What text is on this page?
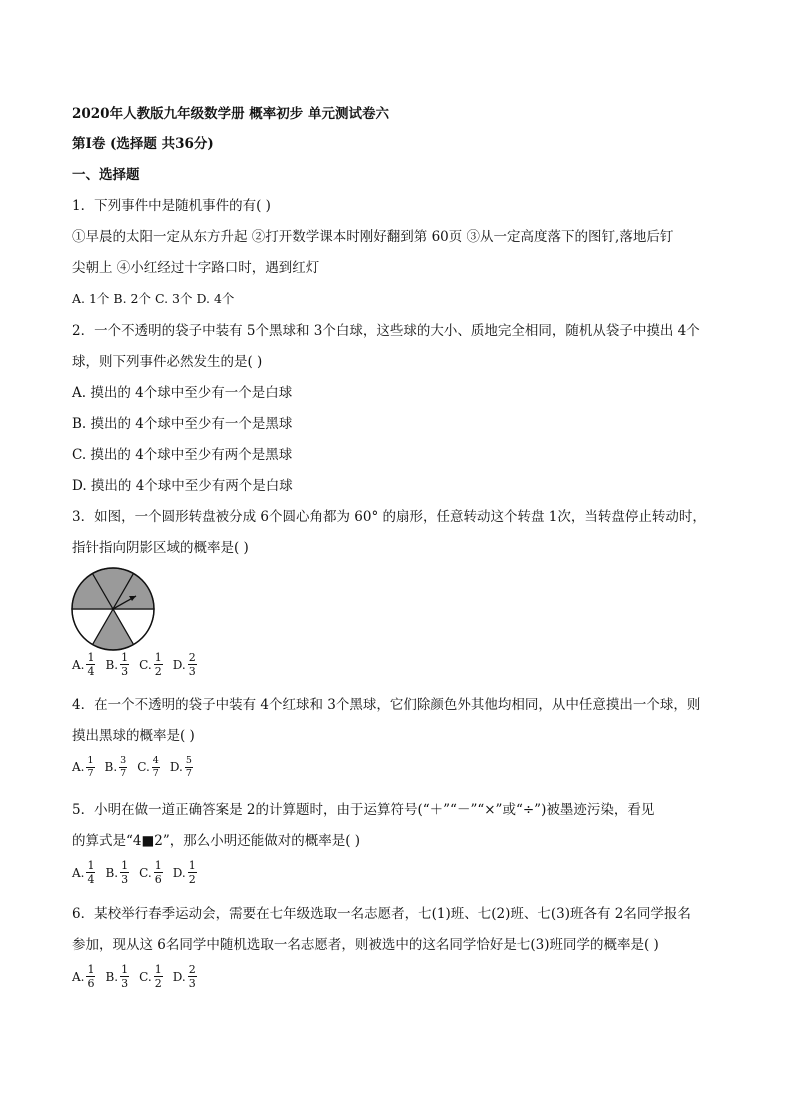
2020年人教版九年级数学册 概率初步 单元测试卷六
第Ⅰ卷 (选择题 共36分)
一、选择题
1．下列事件中是随机事件的有( )
①早晨的太阳一定从东方升起 ②打开数学课本时刚好翻到第 60页 ③从一定高度落下的图钉,落地后钉
尖朝上 ④小红经过十字路口时，遇到红灯
A. 1个 B. 2个 C. 3个 D. 4个
2．一个不透明的袋子中装有 5个黑球和 3个白球，这些球的大小、质地完全相同，随机从袋子中摸出 4个
球，则下列事件必然发生的是( )
A. 摸出的 4个球中至少有一个是白球
B. 摸出的 4个球中至少有一个是黑球
C. 摸出的 4个球中至少有两个是黑球
D. 摸出的 4个球中至少有两个是白球
3．如图，一个圆形转盘被分成 6个圆心角都为 60° 的扇形，任意转动这个转盘 1次，当转盘停止转动时，
指针指向阴影区域的概率是( )
A. $\frac{1}{4} B$. $\frac{1}{3} C$. $\frac{1}{2} D$. $\frac{2}{3}$
4．在一个不透明的袋子中装有 4个红球和 3个黑球，它们除颜色外其他均相同，从中任意摸出一个球，则
摸出黑球的概率是( )
A. $\frac{1}{7} B$. $\frac{3}{7} C$. $\frac{4}{7} D$. $\frac{5}{7}$
5．小明在做一道正确答案是 2的计算题时，由于运算符号(“＋”“－”“×”或“÷”)被墨迹污染，看见
的算式是“4■2”，那么小明还能做对的概率是( )
A. $\frac{1}{4} B$. $\frac{1}{3} C$. $\frac{1}{6} D$. $\frac{1}{2}$
6．某校举行春季运动会，需要在七年级选取一名志愿者，七(1)班、七(2)班、七(3)班各有 2名同学报名
参加，现从这 6名同学中随机选取一名志愿者，则被选中的这名同学恰好是七(3)班同学的概率是( )
A. $\frac{1}{6} B$. $\frac{1}{3} C$. $\frac{1}{2} D$. $\frac{2}{3}$
